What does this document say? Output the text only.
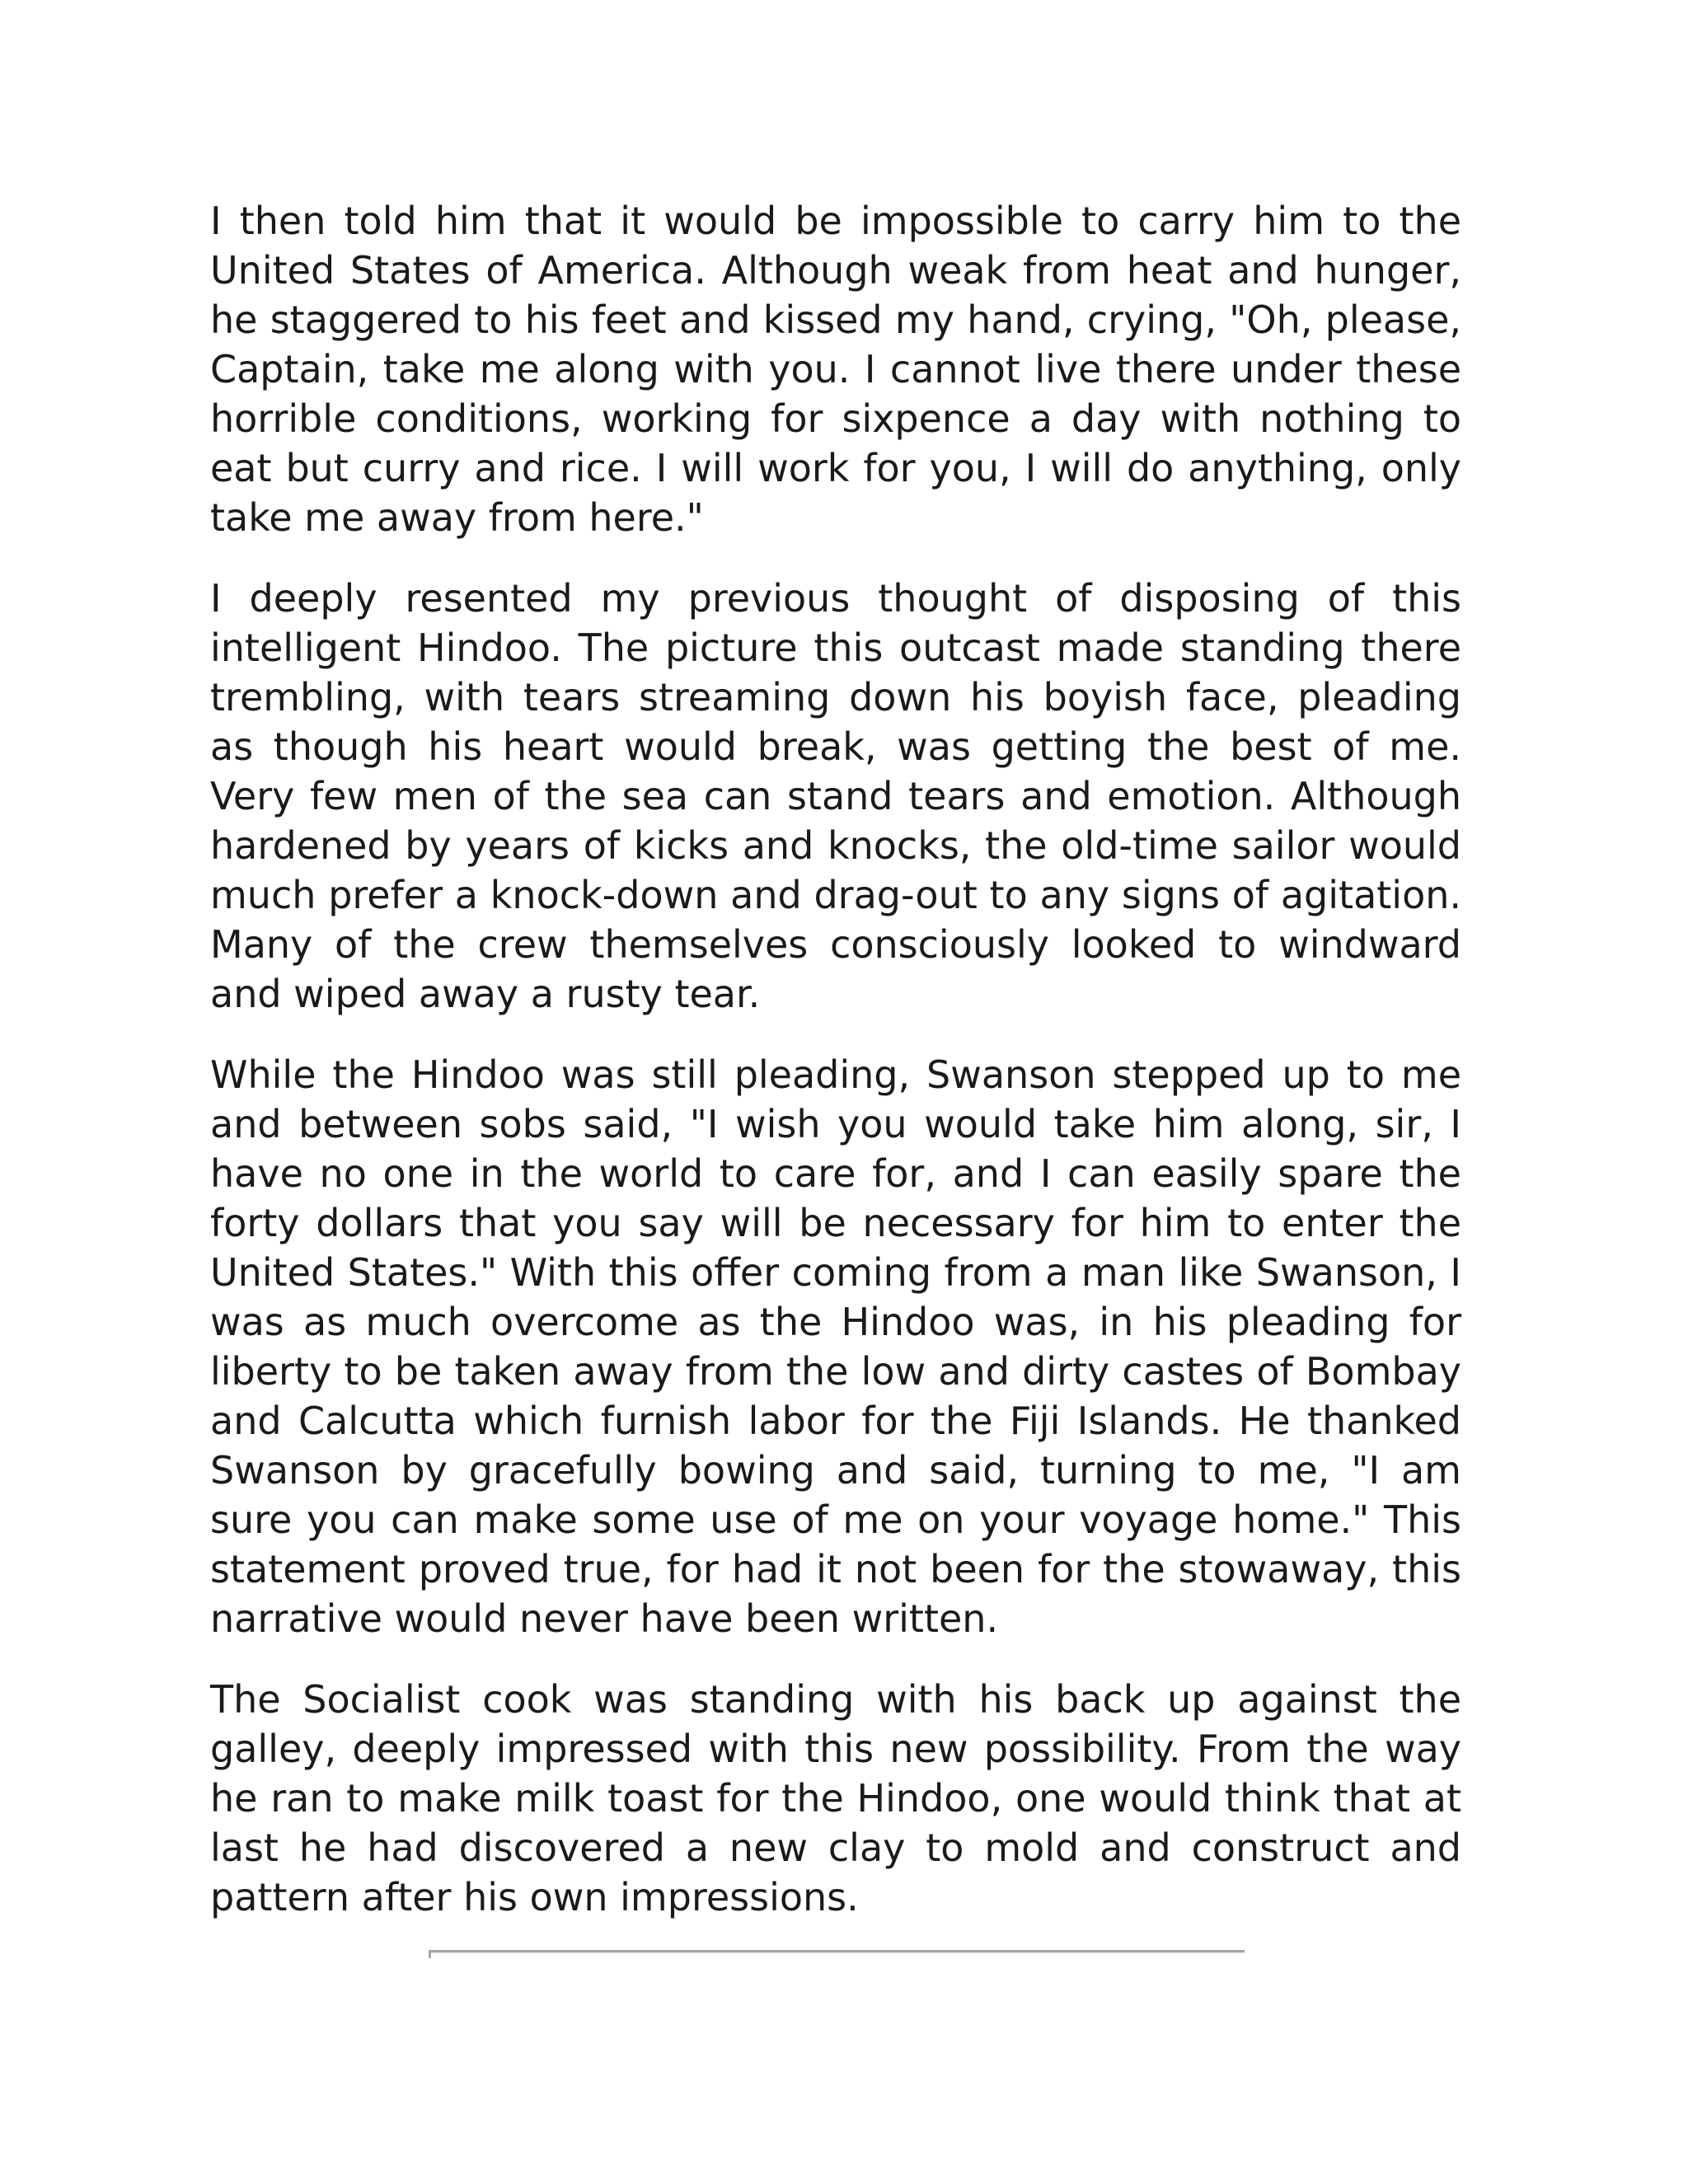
I then told him that it would be impossible to carry him to the United States of America. Although weak from heat and hunger, he staggered to his feet and kissed my hand, crying, "Oh, please, Captain, take me along with you. I cannot live there under these horrible conditions, working for sixpence a day with nothing to eat but curry and rice. I will work for you, I will do anything, only take me away from here."

I deeply resented my previous thought of disposing of this intelligent Hindoo. The picture this outcast made standing there trembling, with tears streaming down his boyish face, pleading as though his heart would break, was getting the best of me. Very few men of the sea can stand tears and emotion. Although hardened by years of kicks and knocks, the old-time sailor would much prefer a knock-down and drag-out to any signs of agitation. Many of the crew themselves consciously looked to windward and wiped away a rusty tear.

While the Hindoo was still pleading, Swanson stepped up to me and between sobs said, "I wish you would take him along, sir, I have no one in the world to care for, and I can easily spare the forty dollars that you say will be necessary for him to enter the United States." With this offer coming from a man like Swanson, I was as much overcome as the Hindoo was, in his pleading for liberty to be taken away from the low and dirty castes of Bombay and Calcutta which furnish labor for the Fiji Islands. He thanked Swanson by gracefully bowing and said, turning to me, "I am sure you can make some use of me on your voyage home." This statement proved true, for had it not been for the stowaway, this narrative would never have been written.

The Socialist cook was standing with his back up against the galley, deeply impressed with this new possibility. From the way he ran to make milk toast for the Hindoo, one would think that at last he had discovered a new clay to mold and construct and pattern after his own impressions.
